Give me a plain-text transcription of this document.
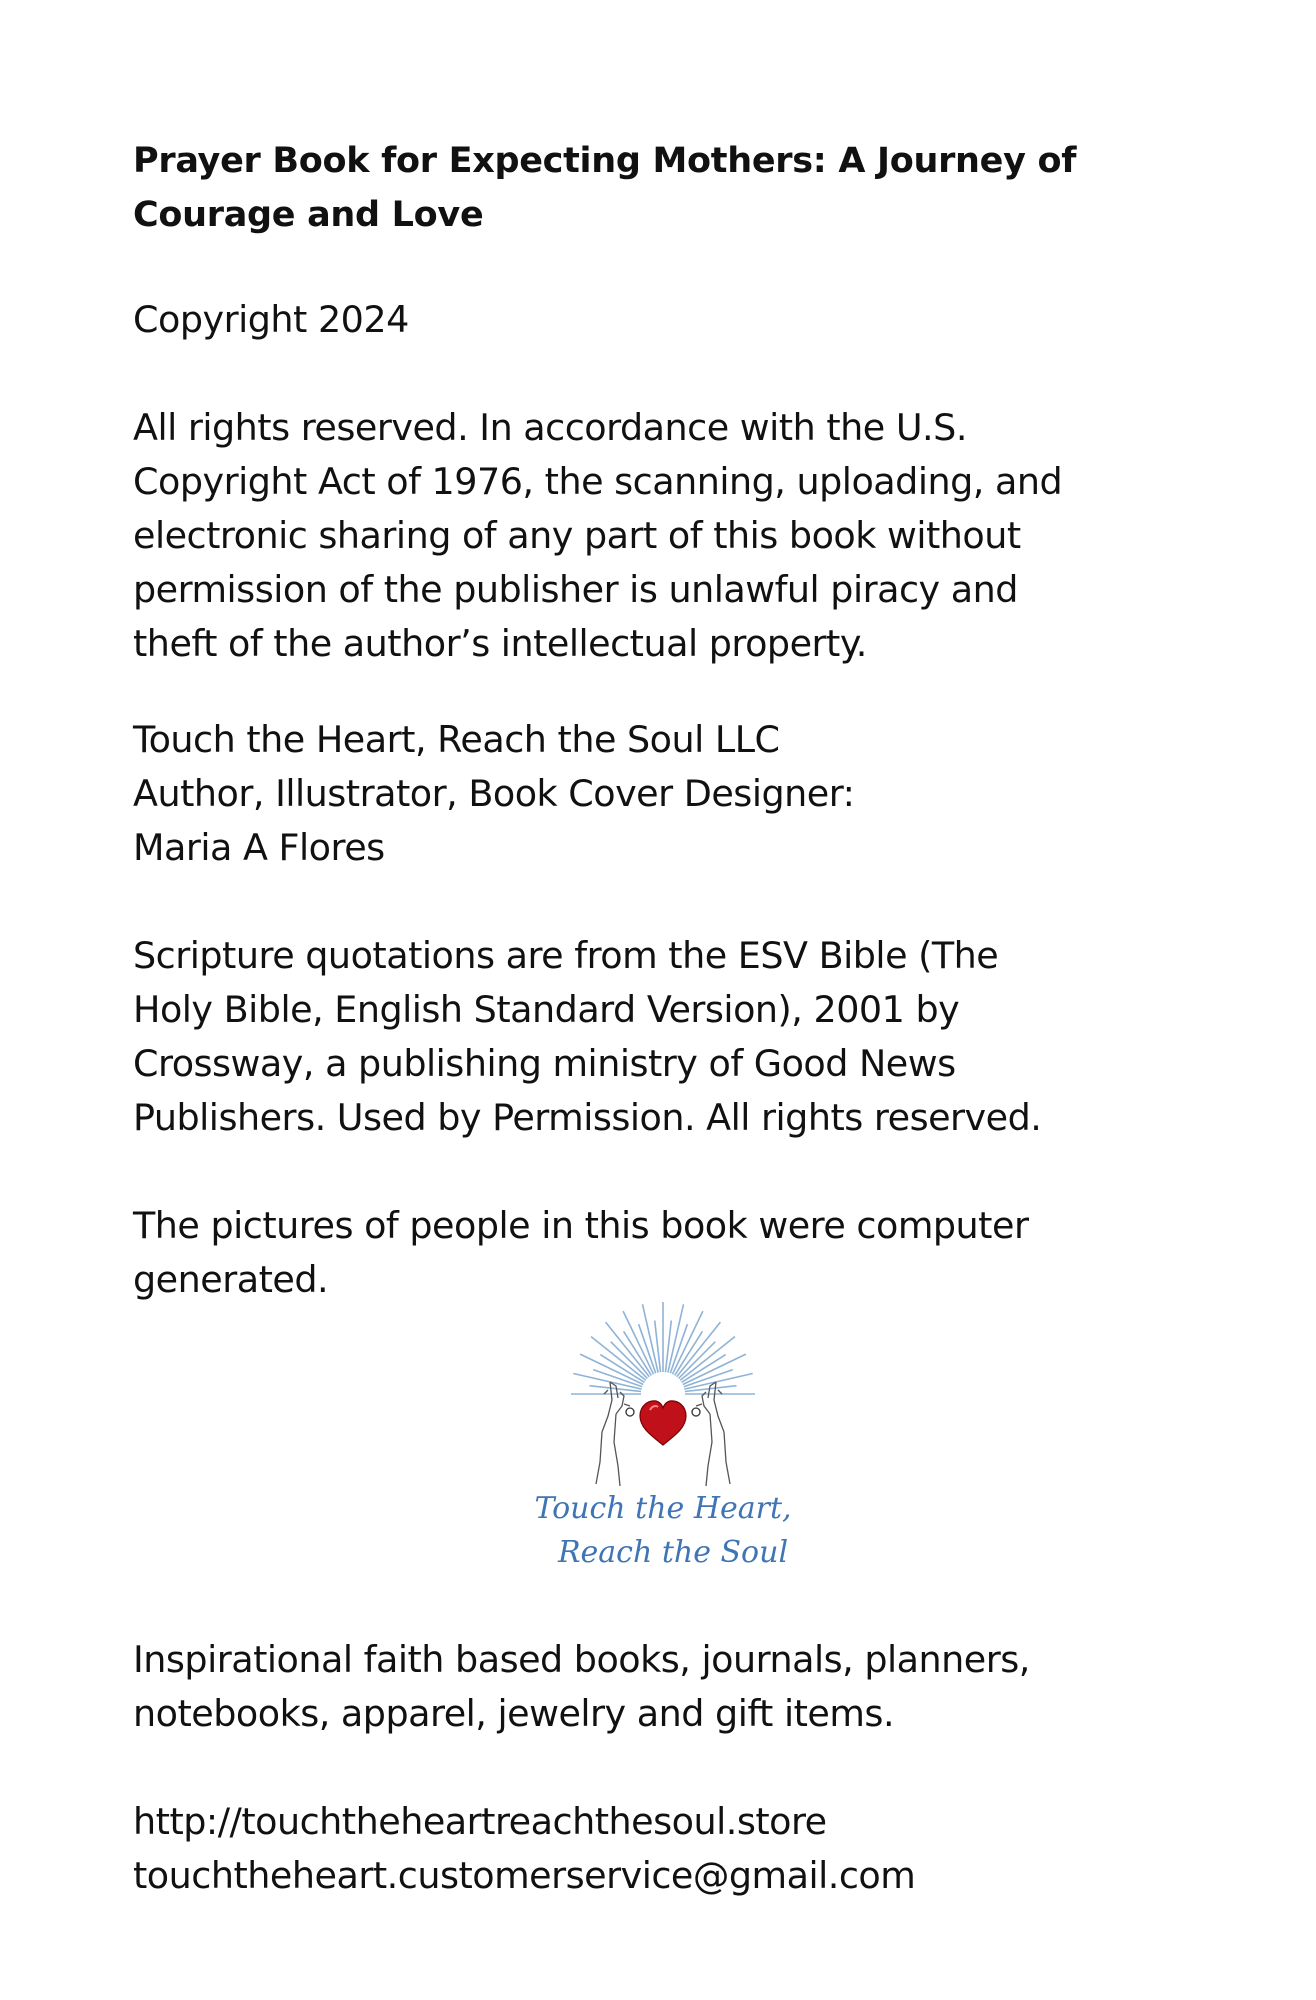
Prayer Book for Expecting Mothers: A Journey of
Courage and Love

Copyright 2024

All rights reserved. In accordance with the U.S.
Copyright Act of 1976, the scanning, uploading, and
electronic sharing of any part of this book without
permission of the publisher is unlawful piracy and
theft of the author’s intellectual property.

Touch the Heart, Reach the Soul LLC
Author, Illustrator, Book Cover Designer:
Maria A Flores

Scripture quotations are from the ESV Bible (The
Holy Bible, English Standard Version), 2001 by
Crossway, a publishing ministry of Good News
Publishers. Used by Permission. All rights reserved.

The pictures of people in this book were computer
generated.

Inspirational faith based books, journals, planners,
notebooks, apparel, jewelry and gift items.

http://touchtheheartreachthesoul.store
touchtheheart.customerservice@gmail.com

Touch the Heart,
Reach the Soul
